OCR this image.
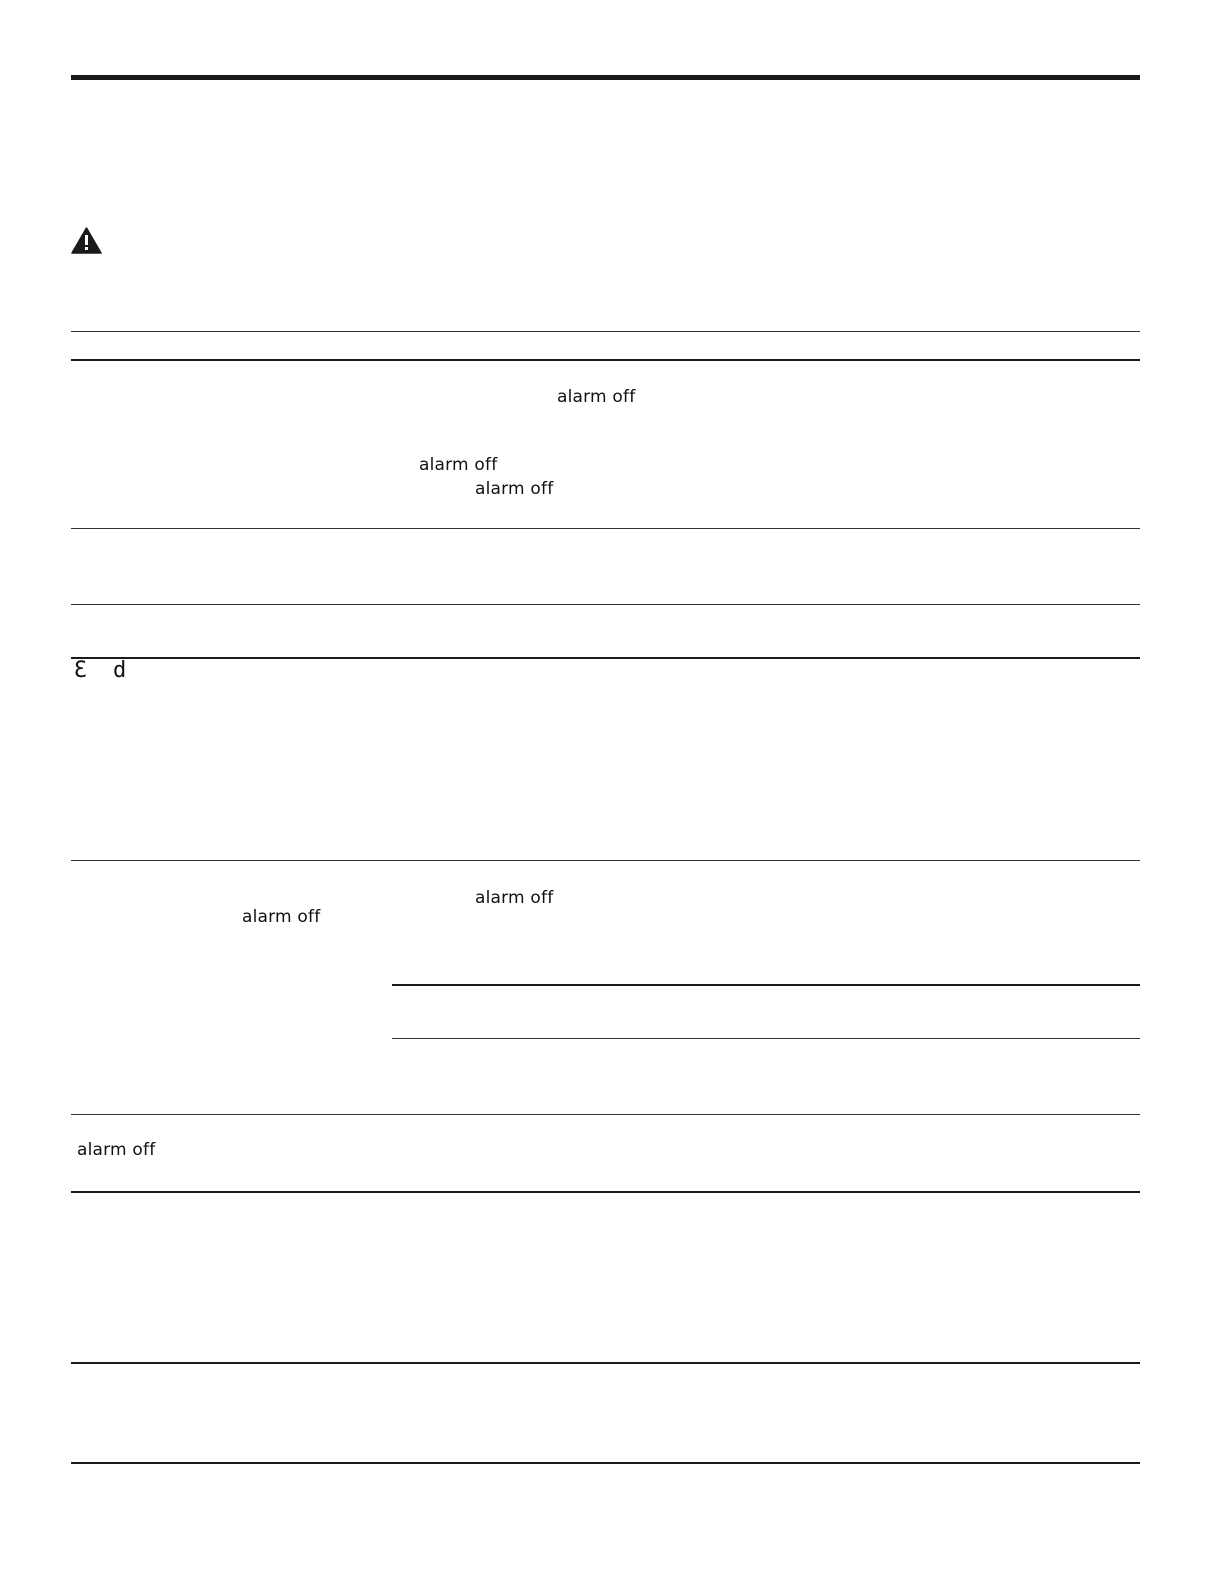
alarm off
alarm off
alarm off
alarm off
alarm off
alarm off
Ɛ d
